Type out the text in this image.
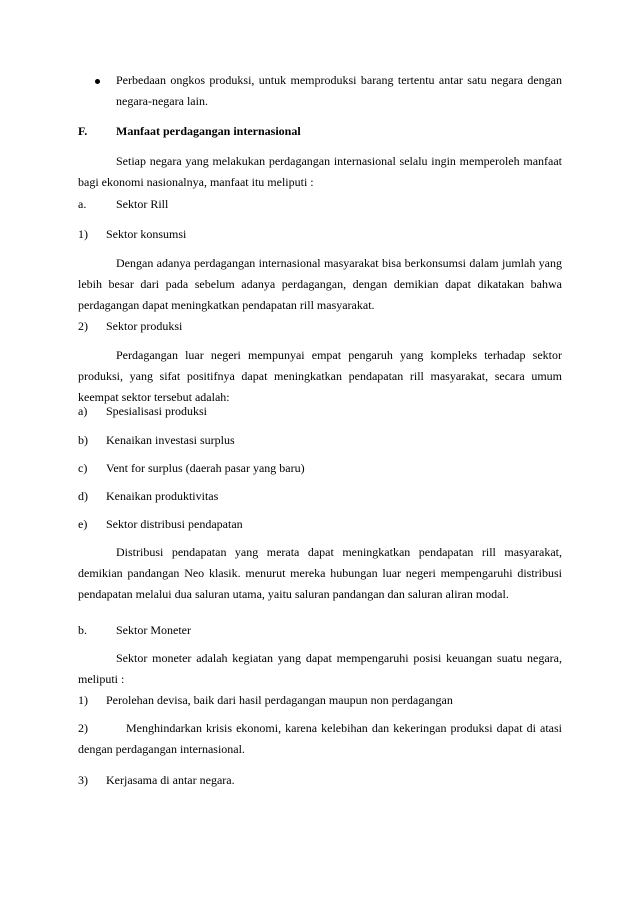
Perbedaan ongkos produksi, untuk memproduksi barang tertentu antar satu negara dengan negara-negara lain.
F. Manfaat perdagangan internasional
Setiap negara yang melakukan perdagangan internasional selalu ingin memperoleh manfaat bagi ekonomi nasionalnya, manfaat itu meliputi :
a. Sektor Rill
1) Sektor konsumsi
Dengan adanya perdagangan internasional masyarakat bisa berkonsumsi dalam jumlah yang lebih besar dari pada sebelum adanya perdagangan, dengan demikian dapat dikatakan bahwa perdagangan dapat meningkatkan pendapatan rill masyarakat.
2) Sektor produksi
Perdagangan luar negeri mempunyai empat pengaruh yang kompleks terhadap sektor produksi, yang sifat positifnya dapat meningkatkan pendapatan rill masyarakat, secara umum keempat sektor tersebut adalah:
a) Spesialisasi produksi
b) Kenaikan investasi surplus
c) Vent for surplus (daerah pasar yang baru)
d) Kenaikan produktivitas
e) Sektor distribusi pendapatan
Distribusi pendapatan yang merata dapat meningkatkan pendapatan rill masyarakat, demikian pandangan Neo klasik. menurut mereka hubungan luar negeri mempengaruhi distribusi pendapatan melalui dua saluran utama, yaitu saluran pandangan dan saluran aliran modal.
b. Sektor Moneter
Sektor moneter adalah kegiatan yang dapat mempengaruhi posisi keuangan suatu negara, meliputi :
1) Perolehan devisa, baik dari hasil perdagangan maupun non perdagangan
2)	Menghindarkan krisis ekonomi, karena kelebihan dan kekeringan produksi dapat di atasi dengan perdagangan internasional.
3) Kerjasama di antar negara.
